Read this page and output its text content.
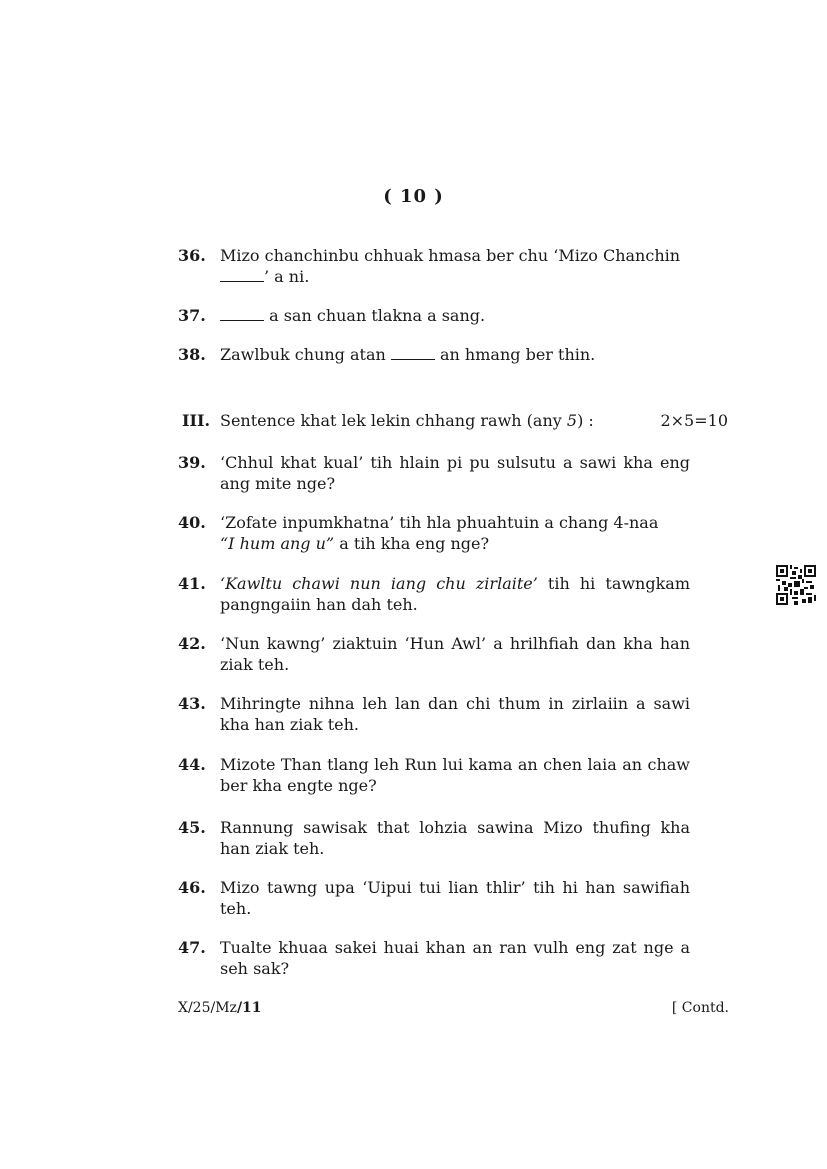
( 10 )
36. Mizo chanchinbu chhuak hmasa ber chu ‘Mizo Chanchin
’ a ni.
37.	a san chuan tlakna a sang.
38. Zawlbuk chung atan	an hmang ber thin.
III. Sentence khat lek lekin chhang rawh (any 5) :	2×5=10
39. ‘Chhul khat kual’ tih hlain pi pu sulsutu a sawi kha eng ang mite nge?
40. ‘Zofate inpumkhatna’ tih hla phuahtuin a chang 4-naa
“I hum ang u” a tih kha eng nge?
41. ‘Kawltu chawi nun iang chu zirlaite’ tih hi tawngkam pangngaiin han dah teh.
42. ‘Nun kawng’ ziaktuin ‘Hun Awl’ a hrilhfiah dan kha han ziak teh.
43. Mihringte nihna leh lan dan chi thum in zirlaiin a sawi kha han ziak teh.
44. Mizote Than tlang leh Run lui kama an chen laia an chaw ber kha engte nge?
45. Rannung sawisak that lohzia sawina Mizo thufing kha han ziak teh.
46. Mizo tawng upa ‘Uipui tui lian thlir’ tih hi han sawifiah teh.
47. Tualte khuaa sakei huai khan an ran vulh eng zat nge a seh sak?
X/25/Mz/11	[ Contd.
